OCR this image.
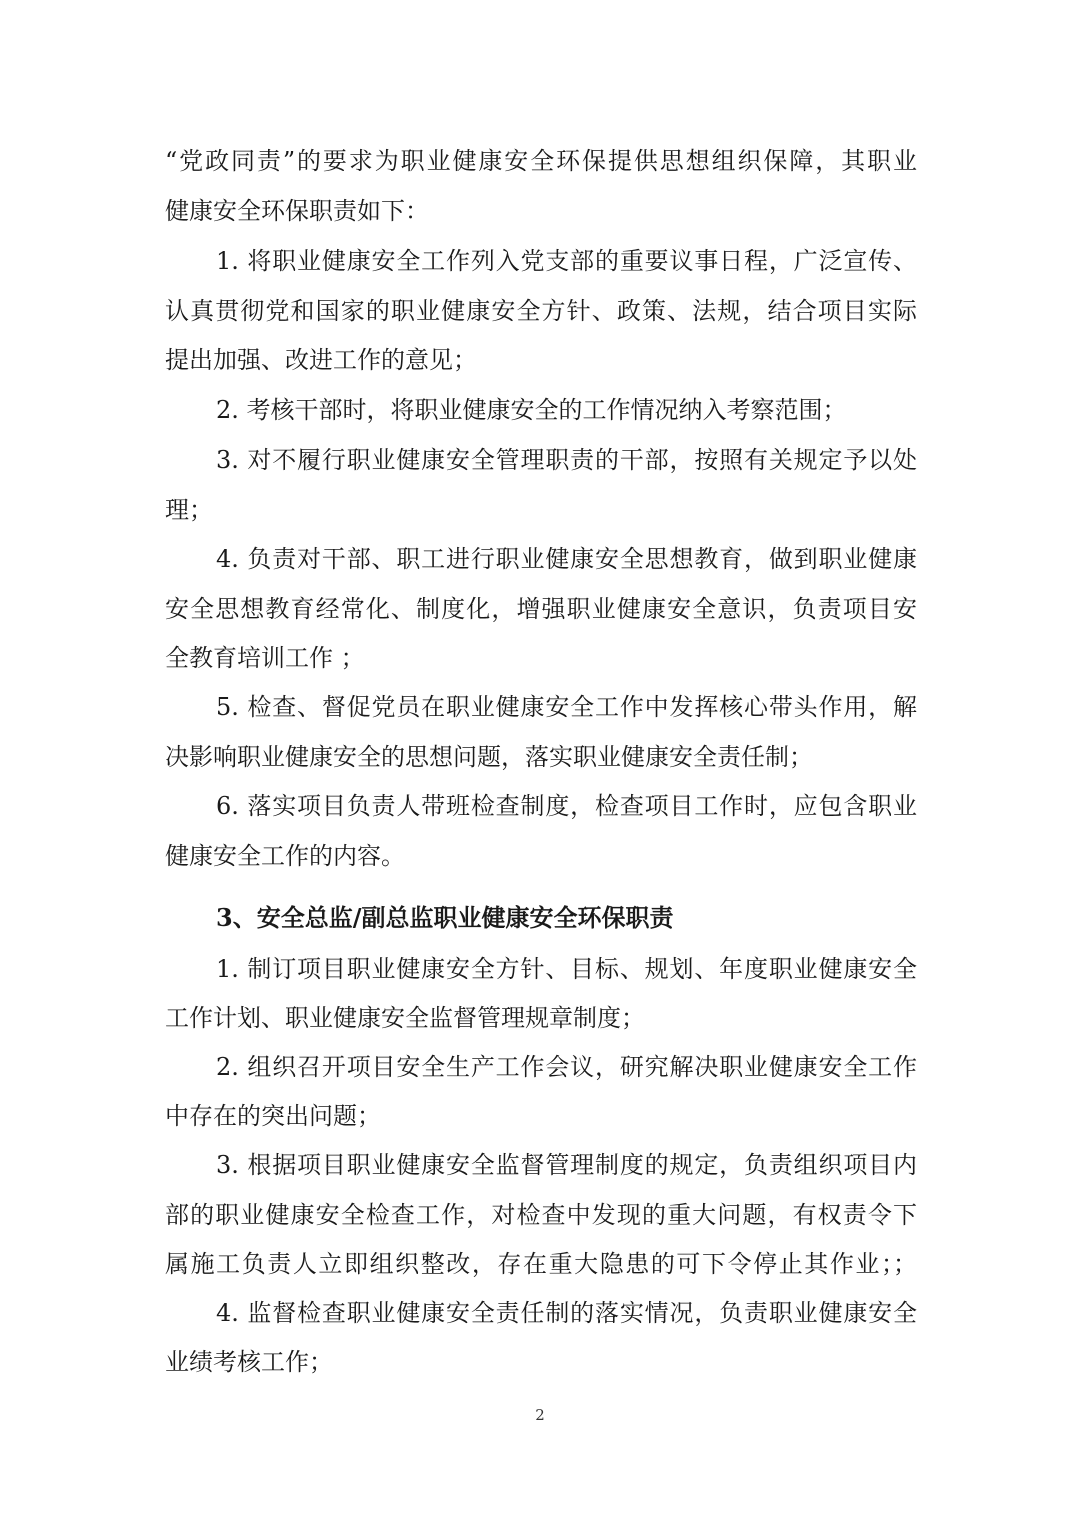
“党政同责”的要求为职业健康安全环保提供思想组织保障，其职业
健康安全环保职责如下：
1. 将职业健康安全工作列入党支部的重要议事日程，广泛宣传、
认真贯彻党和国家的职业健康安全方针、政策、法规，结合项目实际
提出加强、改进工作的意见；
2. 考核干部时，将职业健康安全的工作情况纳入考察范围；
3. 对不履行职业健康安全管理职责的干部，按照有关规定予以处
理；
4. 负责对干部、职工进行职业健康安全思想教育，做到职业健康
安全思想教育经常化、制度化，增强职业健康安全意识，负责项目安
全教育培训工作 ；
5. 检查、督促党员在职业健康安全工作中发挥核心带头作用，解
决影响职业健康安全的思想问题，落实职业健康安全责任制；
6. 落实项目负责人带班检查制度，检查项目工作时，应包含职业
健康安全工作的内容。
3、安全总监/副总监职业健康安全环保职责
1. 制订项目职业健康安全方针、目标、规划、年度职业健康安全
工作计划、职业健康安全监督管理规章制度；
2. 组织召开项目安全生产工作会议，研究解决职业健康安全工作
中存在的突出问题；
3. 根据项目职业健康安全监督管理制度的规定，负责组织项目内
部的职业健康安全检查工作，对检查中发现的重大问题，有权责令下
属施工负责人立即组织整改，存在重大隐患的可下令停止其作业；；
4. 监督检查职业健康安全责任制的落实情况，负责职业健康安全
业绩考核工作；
2
